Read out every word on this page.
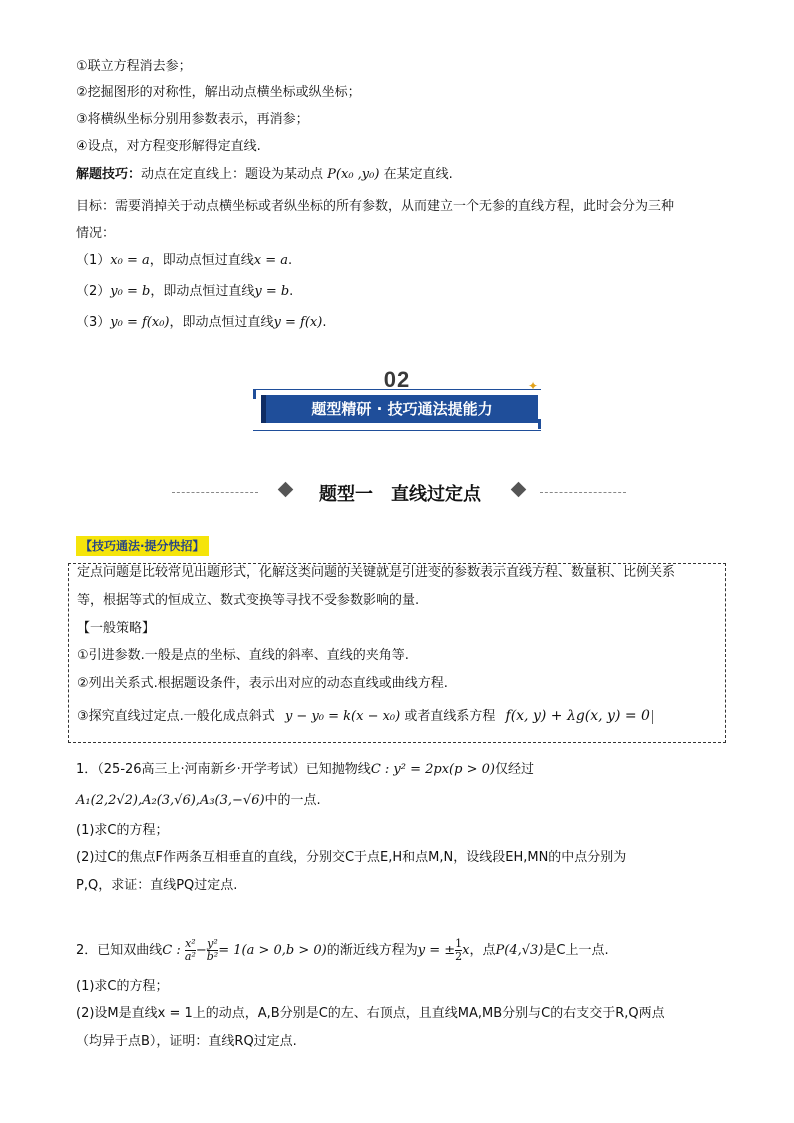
①联立方程消去参；
②挖掘图形的对称性，解出动点横坐标或纵坐标；
③将横纵坐标分别用参数表示，再消参；
④设点，对方程变形解得定直线.
解题技巧：动点在定直线上：题设为某动点 P(x₀ ,y₀) 在某定直线.
目标：需要消掉关于动点横坐标或者纵坐标的所有参数，从而建立一个无参的直线方程，此时会分为三种
情况：
（1）x₀ = a，即动点恒过直线x = a.
（2）y₀ = b，即动点恒过直线y = b.
（3）y₀ = f(x₀)，即动点恒过直线y = f(x).
02
题型精研 · 技巧通法提能力
✦
题型一　直线过定点
【技巧通法·提分快招】
定点问题是比较常见出题形式，化解这类问题的关键就是引进变的参数表示直线方程、数量积、比例关系
等，根据等式的恒成立、数式变换等寻找不受参数影响的量.
【一般策略】
①引进参数.一般是点的坐标、直线的斜率、直线的夹角等.
②列出关系式.根据题设条件，表示出对应的动态直线或曲线方程.
③探究直线过定点.一般化成点斜式 y − y₀ = k(x − x₀) 或者直线系方程 f(x, y) + λg(x, y) = 0
1．（25-26高三上·河南新乡·开学考试）已知抛物线C : y² = 2px(p > 0)仅经过
A₁(2,2√2),A₂(3,√6),A₃(3,−√6)中的一点.
(1)求C的方程；
(2)过C的焦点F作两条互相垂直的直线，分别交C于点E,H和点M,N，设线段EH,MN的中点分别为
P,Q，求证：直线PQ过定点.
2．已知双曲线C : $\frac{\text{x²}}{\text{a²}} - \frac{\text{y²}}{\text{b²}} = 1(a > 0,b > 0)$的渐近线方程为y = ± $\frac{1}{2}$ x，点P(4,√3)是C上一点.
(1)求C的方程；
(2)设M是直线x = 1上的动点，A,B分别是C的左、右顶点，且直线MA,MB分别与C的右支交于R,Q两点
（均异于点B），证明：直线RQ过定点.
